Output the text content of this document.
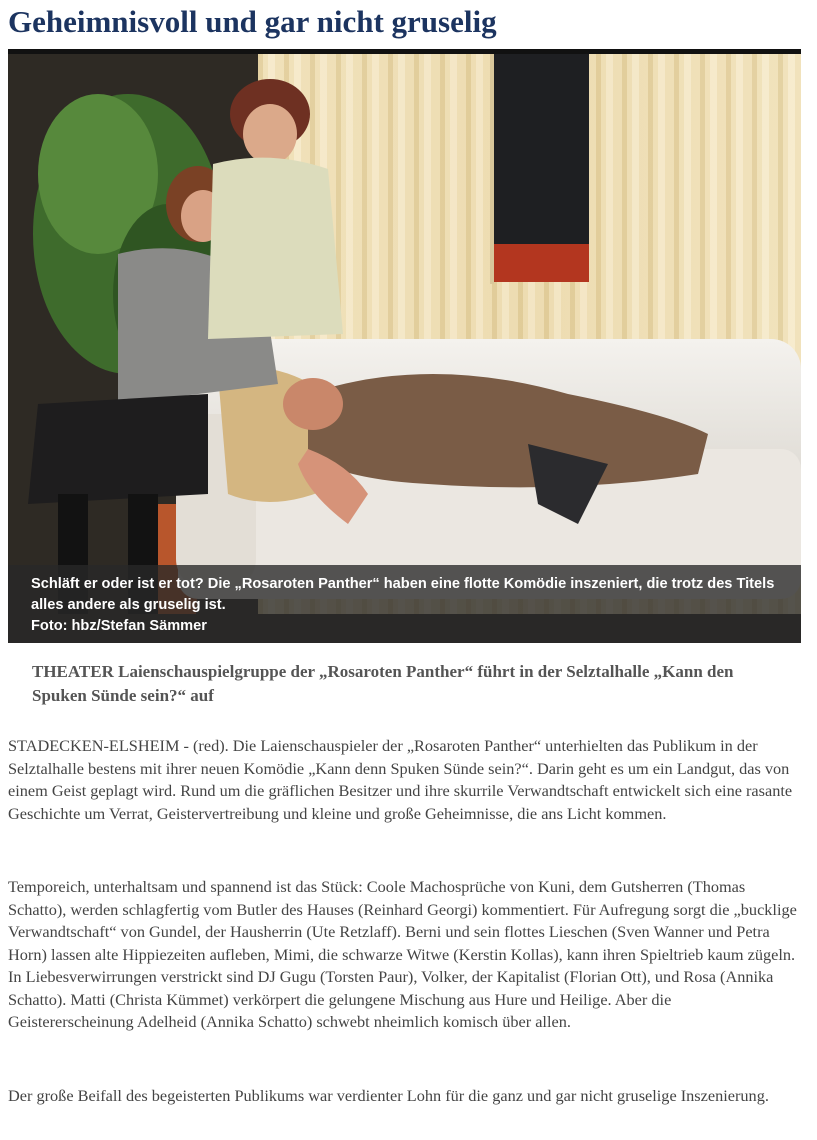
Geheimnisvoll und gar nicht gruselig
Schläft er oder ist er tot? Die „Rosaroten Panther“ haben eine flotte Komödie inszeniert, die trotz des Titels alles andere als gruselig ist.
Foto: hbz/Stefan Sämmer
THEATER Laienschauspielgruppe der „Rosaroten Panther“ führt in der Selztalhalle „Kann den Spuken Sünde sein?“ auf

STADECKEN-ELSHEIM - (red). Die Laienschauspieler der „Rosaroten Panther“ unterhielten das Publikum in der Selztalhalle bestens mit ihrer neuen Komödie „Kann denn Spuken Sünde sein?“. Darin geht es um ein Landgut, das von einem Geist geplagt wird. Rund um die gräflichen Besitzer und ihre skurrile Verwandtschaft entwickelt sich eine rasante Geschichte um Verrat, Geistervertreibung und kleine und große Geheimnisse, die ans Licht kommen.

Temporeich, unterhaltsam und spannend ist das Stück: Coole Machosprüche von Kuni, dem Gutsherren (Thomas Schatto), werden schlagfertig vom Butler des Hauses (Reinhard Georgi) kommentiert. Für Aufregung sorgt die „bucklige Verwandtschaft“ von Gundel, der Hausherrin (Ute Retzlaff). Berni und sein flottes Lieschen (Sven Wanner und Petra Horn) lassen alte Hippiezeiten aufleben, Mimi, die schwarze Witwe (Kerstin Kollas), kann ihren Spieltrieb kaum zügeln. In Liebesverwirrungen verstrickt sind DJ Gugu (Torsten Paur), Volker, der Kapitalist (Florian Ott), und Rosa (Annika Schatto). Matti (Christa Kümmet) verkörpert die gelungene Mischung aus Hure und Heilige. Aber die Geistererscheinung Adelheid (Annika Schatto) schwebt nheimlich komisch über allen.

Der große Beifall des begeisterten Publikums war verdienter Lohn für die ganz und gar nicht gruselige Inszenierung.
